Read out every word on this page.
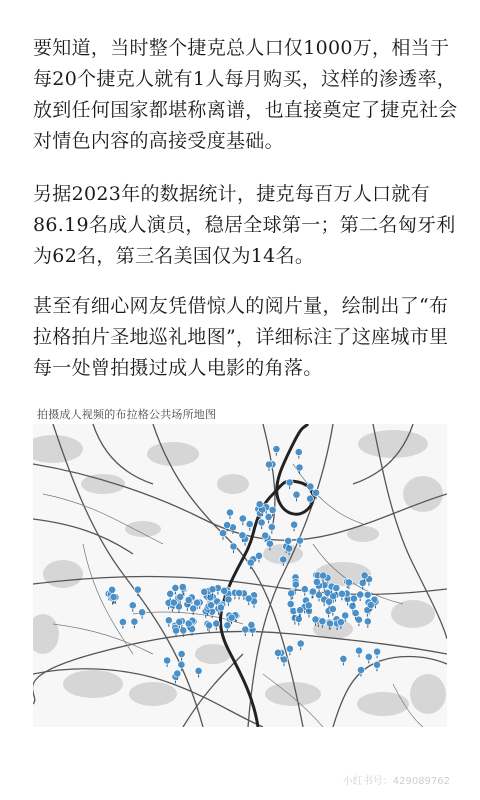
要知道，当时整个捷克总人口仅1000万，相当于每20个捷克人就有1人每月购买，这样的渗透率，放到任何国家都堪称离谱，也直接奠定了捷克社会对情色内容的高接受度基础。
另据2023年的数据统计，捷克每百万人口就有86.19名成人演员，稳居全球第一；第二名匈牙利为62名，第三名美国仅为14名。
甚至有细心网友凭借惊人的阅片量，绘制出了“布拉格拍片圣地巡礼地图”，详细标注了这座城市里每一处曾拍摄过成人电影的角落。
拍摄成人视频的布拉格公共场所地图
小红书号：429089762
